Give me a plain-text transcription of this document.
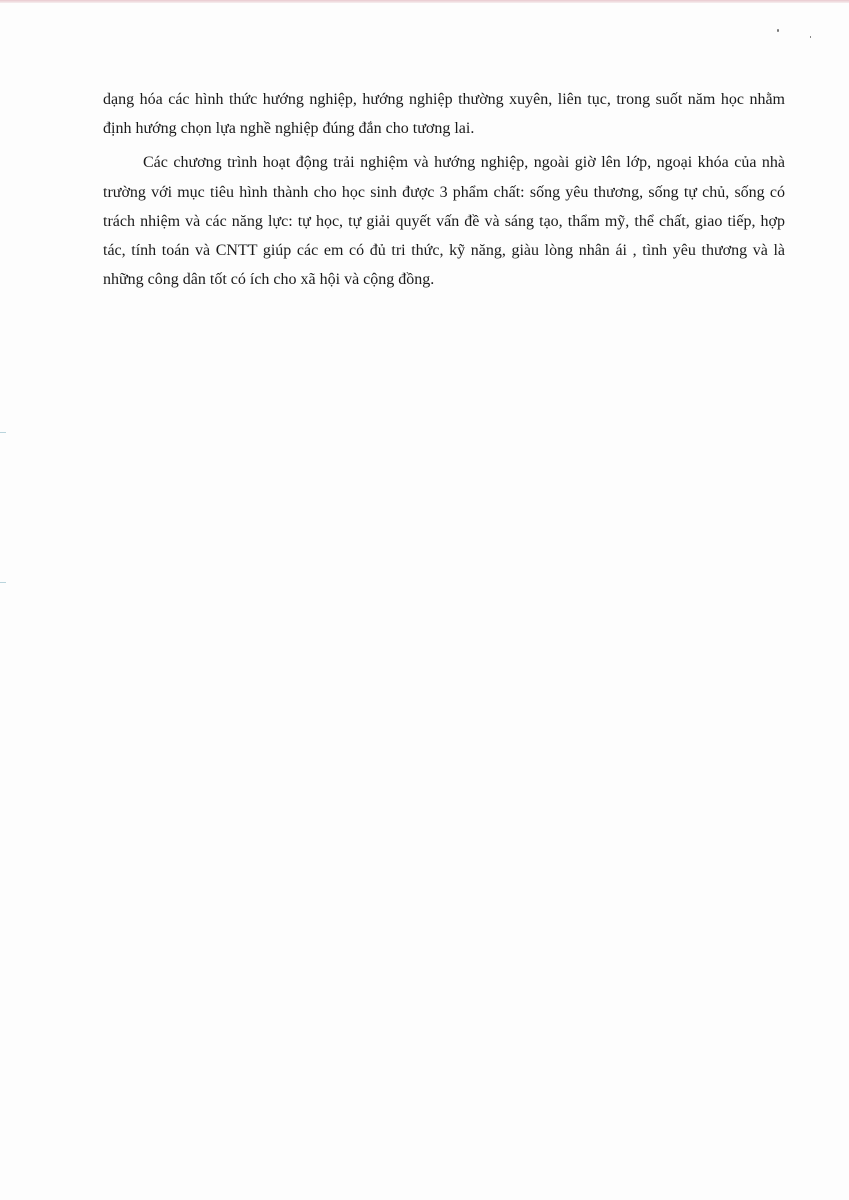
dạng hóa các hình thức hướng nghiệp, hướng nghiệp thường xuyên, liên tục, trong suốt năm học nhằm định hướng chọn lựa nghề nghiệp đúng đắn cho tương lai.

Các chương trình hoạt động trải nghiệm và hướng nghiệp, ngoài giờ lên lớp, ngoại khóa của nhà trường với mục tiêu hình thành cho học sinh được 3 phẩm chất: sống yêu thương, sống tự chủ, sống có trách nhiệm và các năng lực: tự học, tự giải quyết vấn đề và sáng tạo, thẩm mỹ, thể chất, giao tiếp, hợp tác, tính toán và CNTT giúp các em có đủ tri thức, kỹ năng, giàu lòng nhân ái , tình yêu thương và là những công dân tốt có ích cho xã hội và cộng đồng.
